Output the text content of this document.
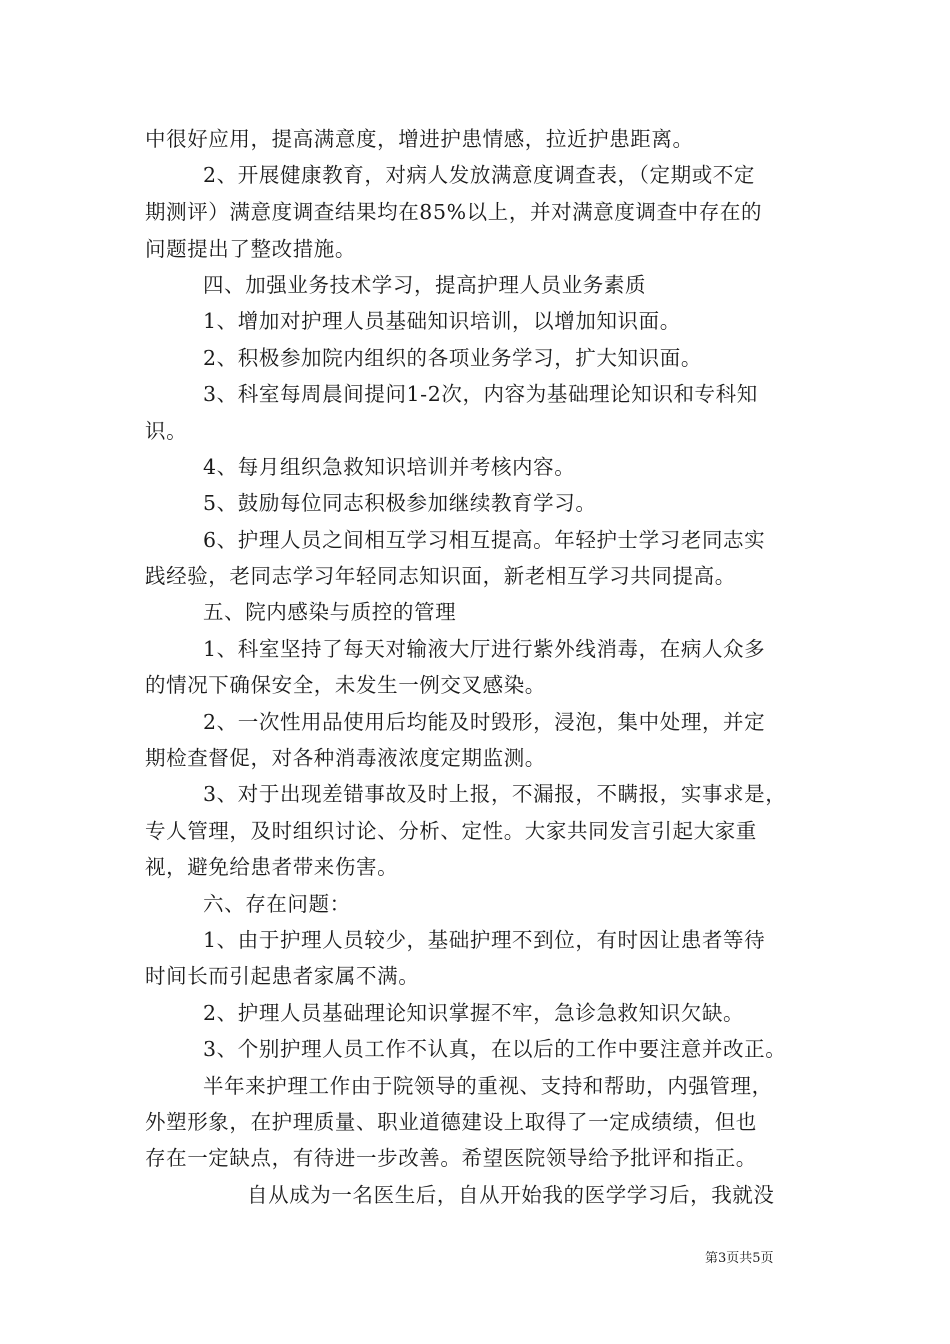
中很好应用，提高满意度，增进护患情感，拉近护患距离。
2、开展健康教育，对病人发放满意度调查表，（定期或不定
期测评）满意度调查结果均在85%以上，并对满意度调查中存在的
问题提出了整改措施。
四、加强业务技术学习，提高护理人员业务素质
1、增加对护理人员基础知识培训，以增加知识面。
2、积极参加院内组织的各项业务学习，扩大知识面。
3、科室每周晨间提问1-2次，内容为基础理论知识和专科知
识。
4、每月组织急救知识培训并考核内容。
5、鼓励每位同志积极参加继续教育学习。
6、护理人员之间相互学习相互提高。年轻护士学习老同志实
践经验，老同志学习年轻同志知识面，新老相互学习共同提高。
五、院内感染与质控的管理
1、科室坚持了每天对输液大厅进行紫外线消毒，在病人众多
的情况下确保安全，未发生一例交叉感染。
2、一次性用品使用后均能及时毁形，浸泡，集中处理，并定
期检查督促，对各种消毒液浓度定期监测。
3、对于出现差错事故及时上报，不漏报，不瞒报，实事求是，
专人管理，及时组织讨论、分析、定性。大家共同发言引起大家重
视，避免给患者带来伤害。
六、存在问题：
1、由于护理人员较少，基础护理不到位，有时因让患者等待
时间长而引起患者家属不满。
2、护理人员基础理论知识掌握不牢，急诊急救知识欠缺。
3、个别护理人员工作不认真，在以后的工作中要注意并改正。
半年来护理工作由于院领导的重视、支持和帮助，内强管理，
外塑形象，在护理质量、职业道德建设上取得了一定成绩绩，但也
存在一定缺点，有待进一步改善。希望医院领导给予批评和指正。
自从成为一名医生后，自从开始我的医学学习后，我就没
第3页共5页
